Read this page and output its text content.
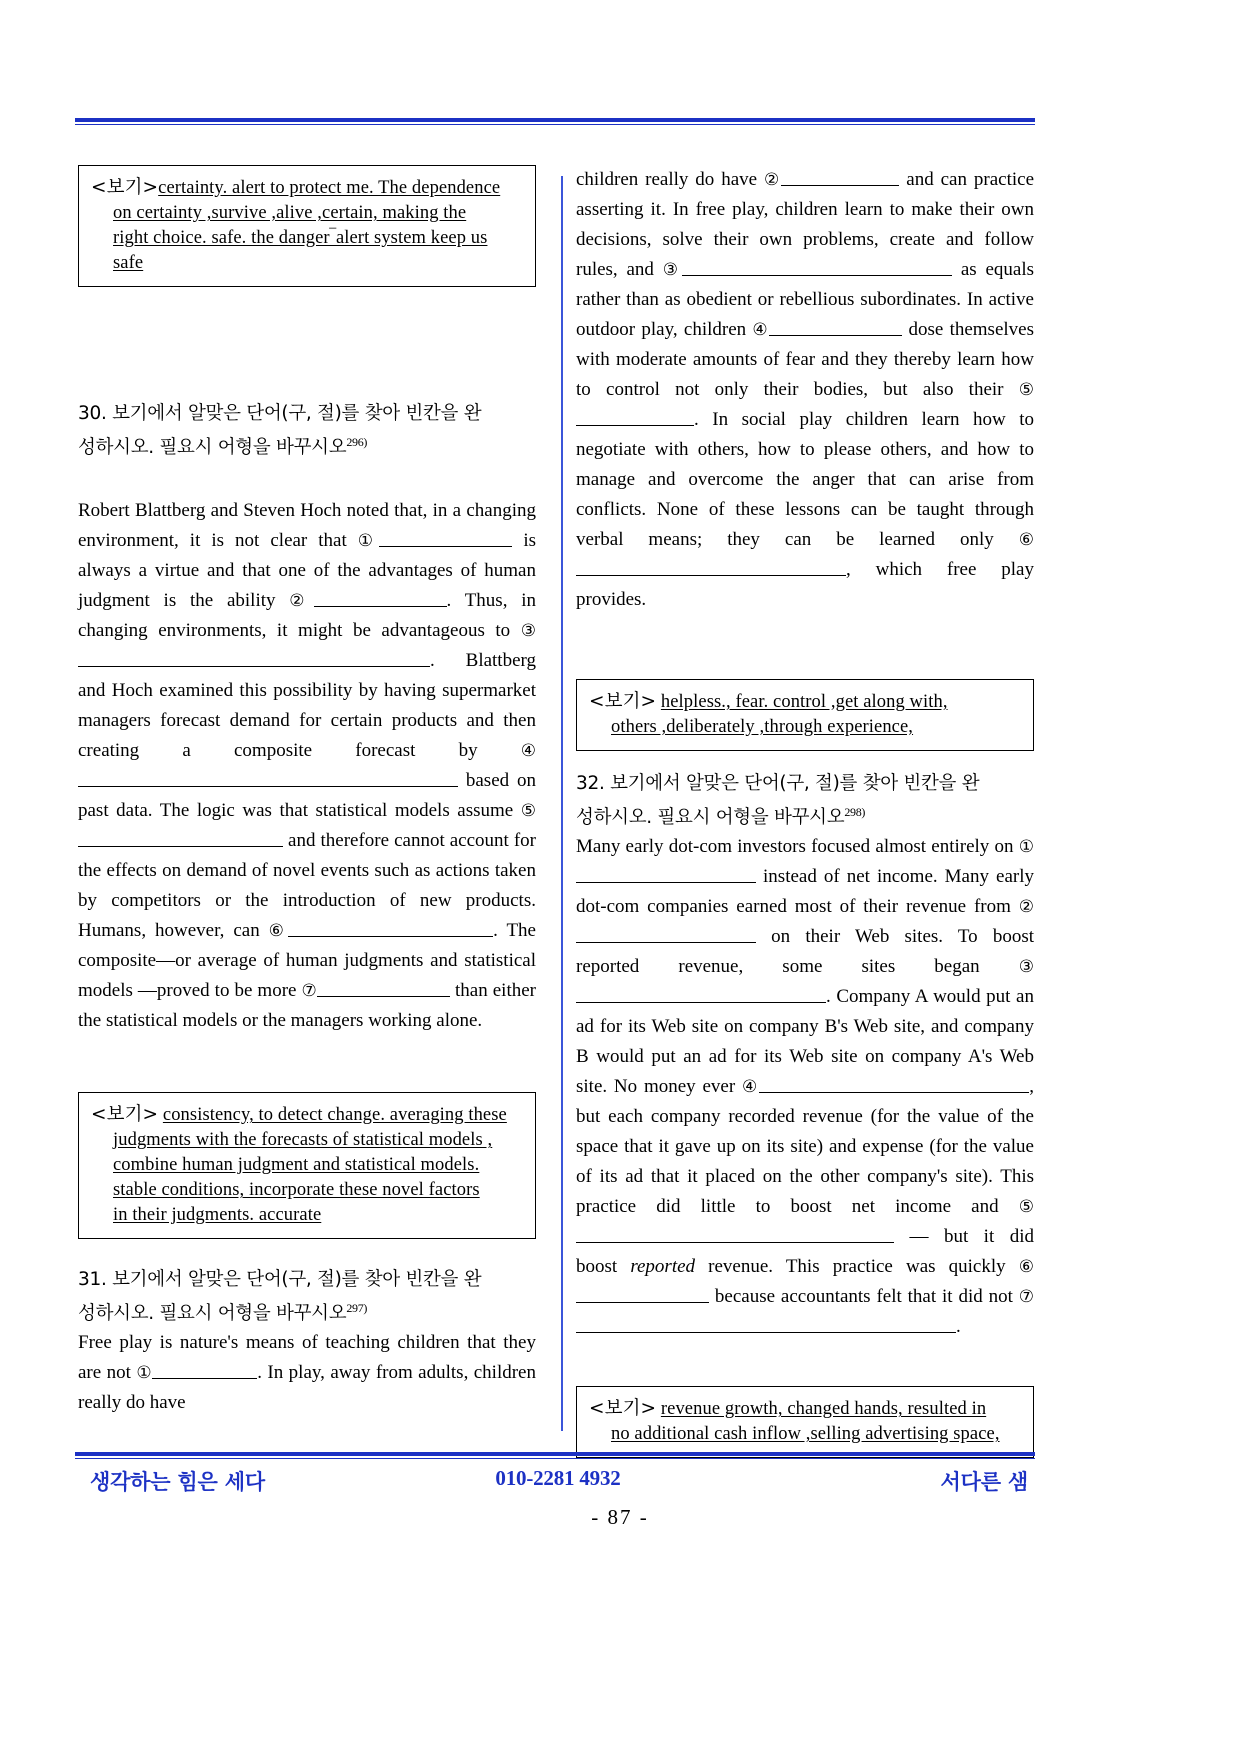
<보기>certainty. alert to protect me. The dependence

on certainty ,survive ,alive ,certain, making the

right choice. safe. the danger‾alert system keep us

safe

30. 보기에서 알맞은 단어(구, 절)를 찾아 빈칸을 완
성하시오. 필요시 어형을 바꾸시오$^{296)}$

Robert Blattberg and Steven Hoch noted that, in a changing environment, it is not clear that ①	is always a virtue and that one of the advantages of human judgment is the ability ②	. Thus, in changing environments, it might be advantageous to ③. Blattberg and Hoch examined this possibility by having supermarket managers forecast demand for certain products and then creating a composite forecast by	④ based on past data. The logic was that statistical models assume ⑤ and therefore cannot account for the effects on demand of novel events such as actions taken by competitors or the introduction of new products. Humans, however, can ⑥	. The composite—or average of human judgments and statistical models —proved to be more ⑦	than either the statistical models or the managers working alone.

<보기> consistency, to detect change. averaging these

judgments with the forecasts of statistical models ,

combine human judgment and statistical models.

stable conditions, incorporate these novel factors

in their judgments. accurate

31. 보기에서 알맞은 단어(구, 절)를 찾아 빈칸을 완
성하시오. 필요시 어형을 바꾸시오$^{297)}$

Free play is nature's means of teaching children that they are not ①	. In play, away from adults, children really do have

children really do have ②	and can practice asserting it. In free play, children learn to make their own decisions, solve their own problems, create and follow rules, and ③	as equals rather than as obedient or rebellious subordinates. In active outdoor play, children ④	dose themselves with moderate amounts of fear and they thereby learn how to control not only their bodies, but also their ⑤. In social play children learn how to negotiate with others, how to please others, and how to manage and overcome the anger that can arise from conflicts. None of these lessons can be taught through verbal means; they can be learned only ⑥, which free play provides.

<보기> helpless., fear. control ,get along with,

others ,deliberately ,through experience,

32. 보기에서 알맞은 단어(구, 절)를 찾아 빈칸을 완
성하시오. 필요시 어형을 바꾸시오$^{298)}$

Many early dot-com investors focused almost entirely on ① instead of net income. Many early dot-com companies earned most of their revenue from ② on their Web sites. To boost reported revenue, some sites began ③. Company A would put an ad for its Web site on company B's Web site, and company B would put an ad for its Web site on company A's Web site. No money ever ④	, but each company recorded revenue (for the value of the space that it gave up on its site) and expense (for the value of its ad that it placed on the other company's site). This practice did little to boost net income and ⑤ — but it did boost reported revenue. This practice was quickly ⑥ because accountants felt that it did not ⑦.

<보기> revenue growth, changed hands, resulted in

no additional cash inflow ,selling advertising space,

생각하는 힘은 세다	010-2281 4932	서다른 샘
- 87 -
